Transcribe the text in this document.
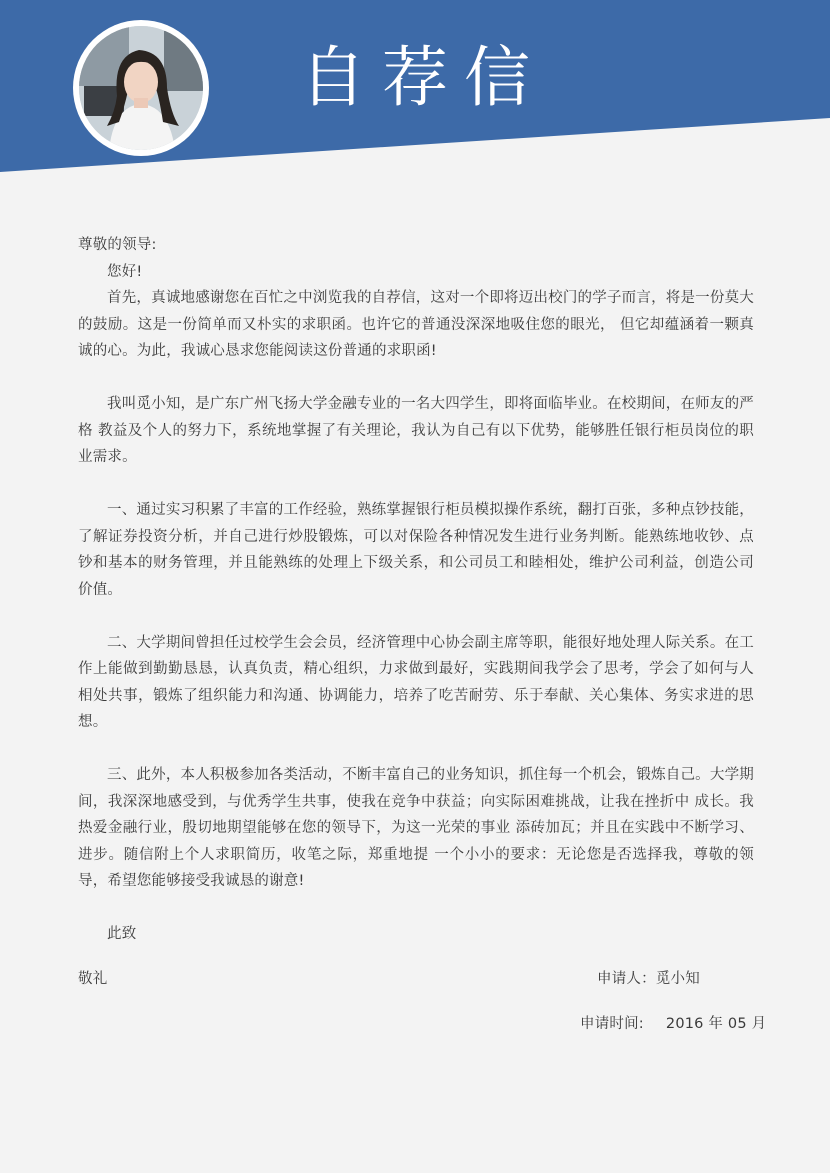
自荐信
尊敬的领导:
您好!
首先，真诚地感谢您在百忙之中浏览我的自荐信，这对一个即将迈出校门的学子而言，将是一份莫大的鼓励。这是一份简单而又朴实的求职函。也许它的普通没深深地吸住您的眼光， 但它却蕴涵着一颗真诚的心。为此，我诚心恳求您能阅读这份普通的求职函!
我叫觅小知，是广东广州飞扬大学金融专业的一名大四学生，即将面临毕业。在校期间，在师友的严格 教益及个人的努力下，系统地掌握了有关理论，我认为自己有以下优势，能够胜任银行柜员岗位的职业需求。
一、通过实习积累了丰富的工作经验，熟练掌握银行柜员模拟操作系统，翻打百张，多种点钞技能，了解证券投资分析，并自己进行炒股锻炼，可以对保险各种情况发生进行业务判断。能熟练地收钞、点钞和基本的财务管理，并且能熟练的处理上下级关系，和公司员工和睦相处，维护公司利益，创造公司价值。
二、大学期间曾担任过校学生会会员，经济管理中心协会副主席等职，能很好地处理人际关系。在工作上能做到勤勤恳恳，认真负责，精心组织，力求做到最好，实践期间我学会了思考，学会了如何与人相处共事，锻炼了组织能力和沟通、协调能力，培养了吃苦耐劳、乐于奉献、关心集体、务实求进的思想。
三、此外，本人积极参加各类活动，不断丰富自己的业务知识，抓住每一个机会，锻炼自己。大学期间，我深深地感受到，与优秀学生共事，使我在竞争中获益；向实际困难挑战，让我在挫折中 成长。我热爱金融行业，殷切地期望能够在您的领导下，为这一光荣的事业 添砖加瓦；并且在实践中不断学习、进步。随信附上个人求职简历，收笔之际，郑重地提 一个小小的要求：无论您是否选择我，尊敬的领导，希望您能够接受我诚恳的谢意!
此致
敬礼	申请人：觅小知
申请时间: 2016 年 05 月
